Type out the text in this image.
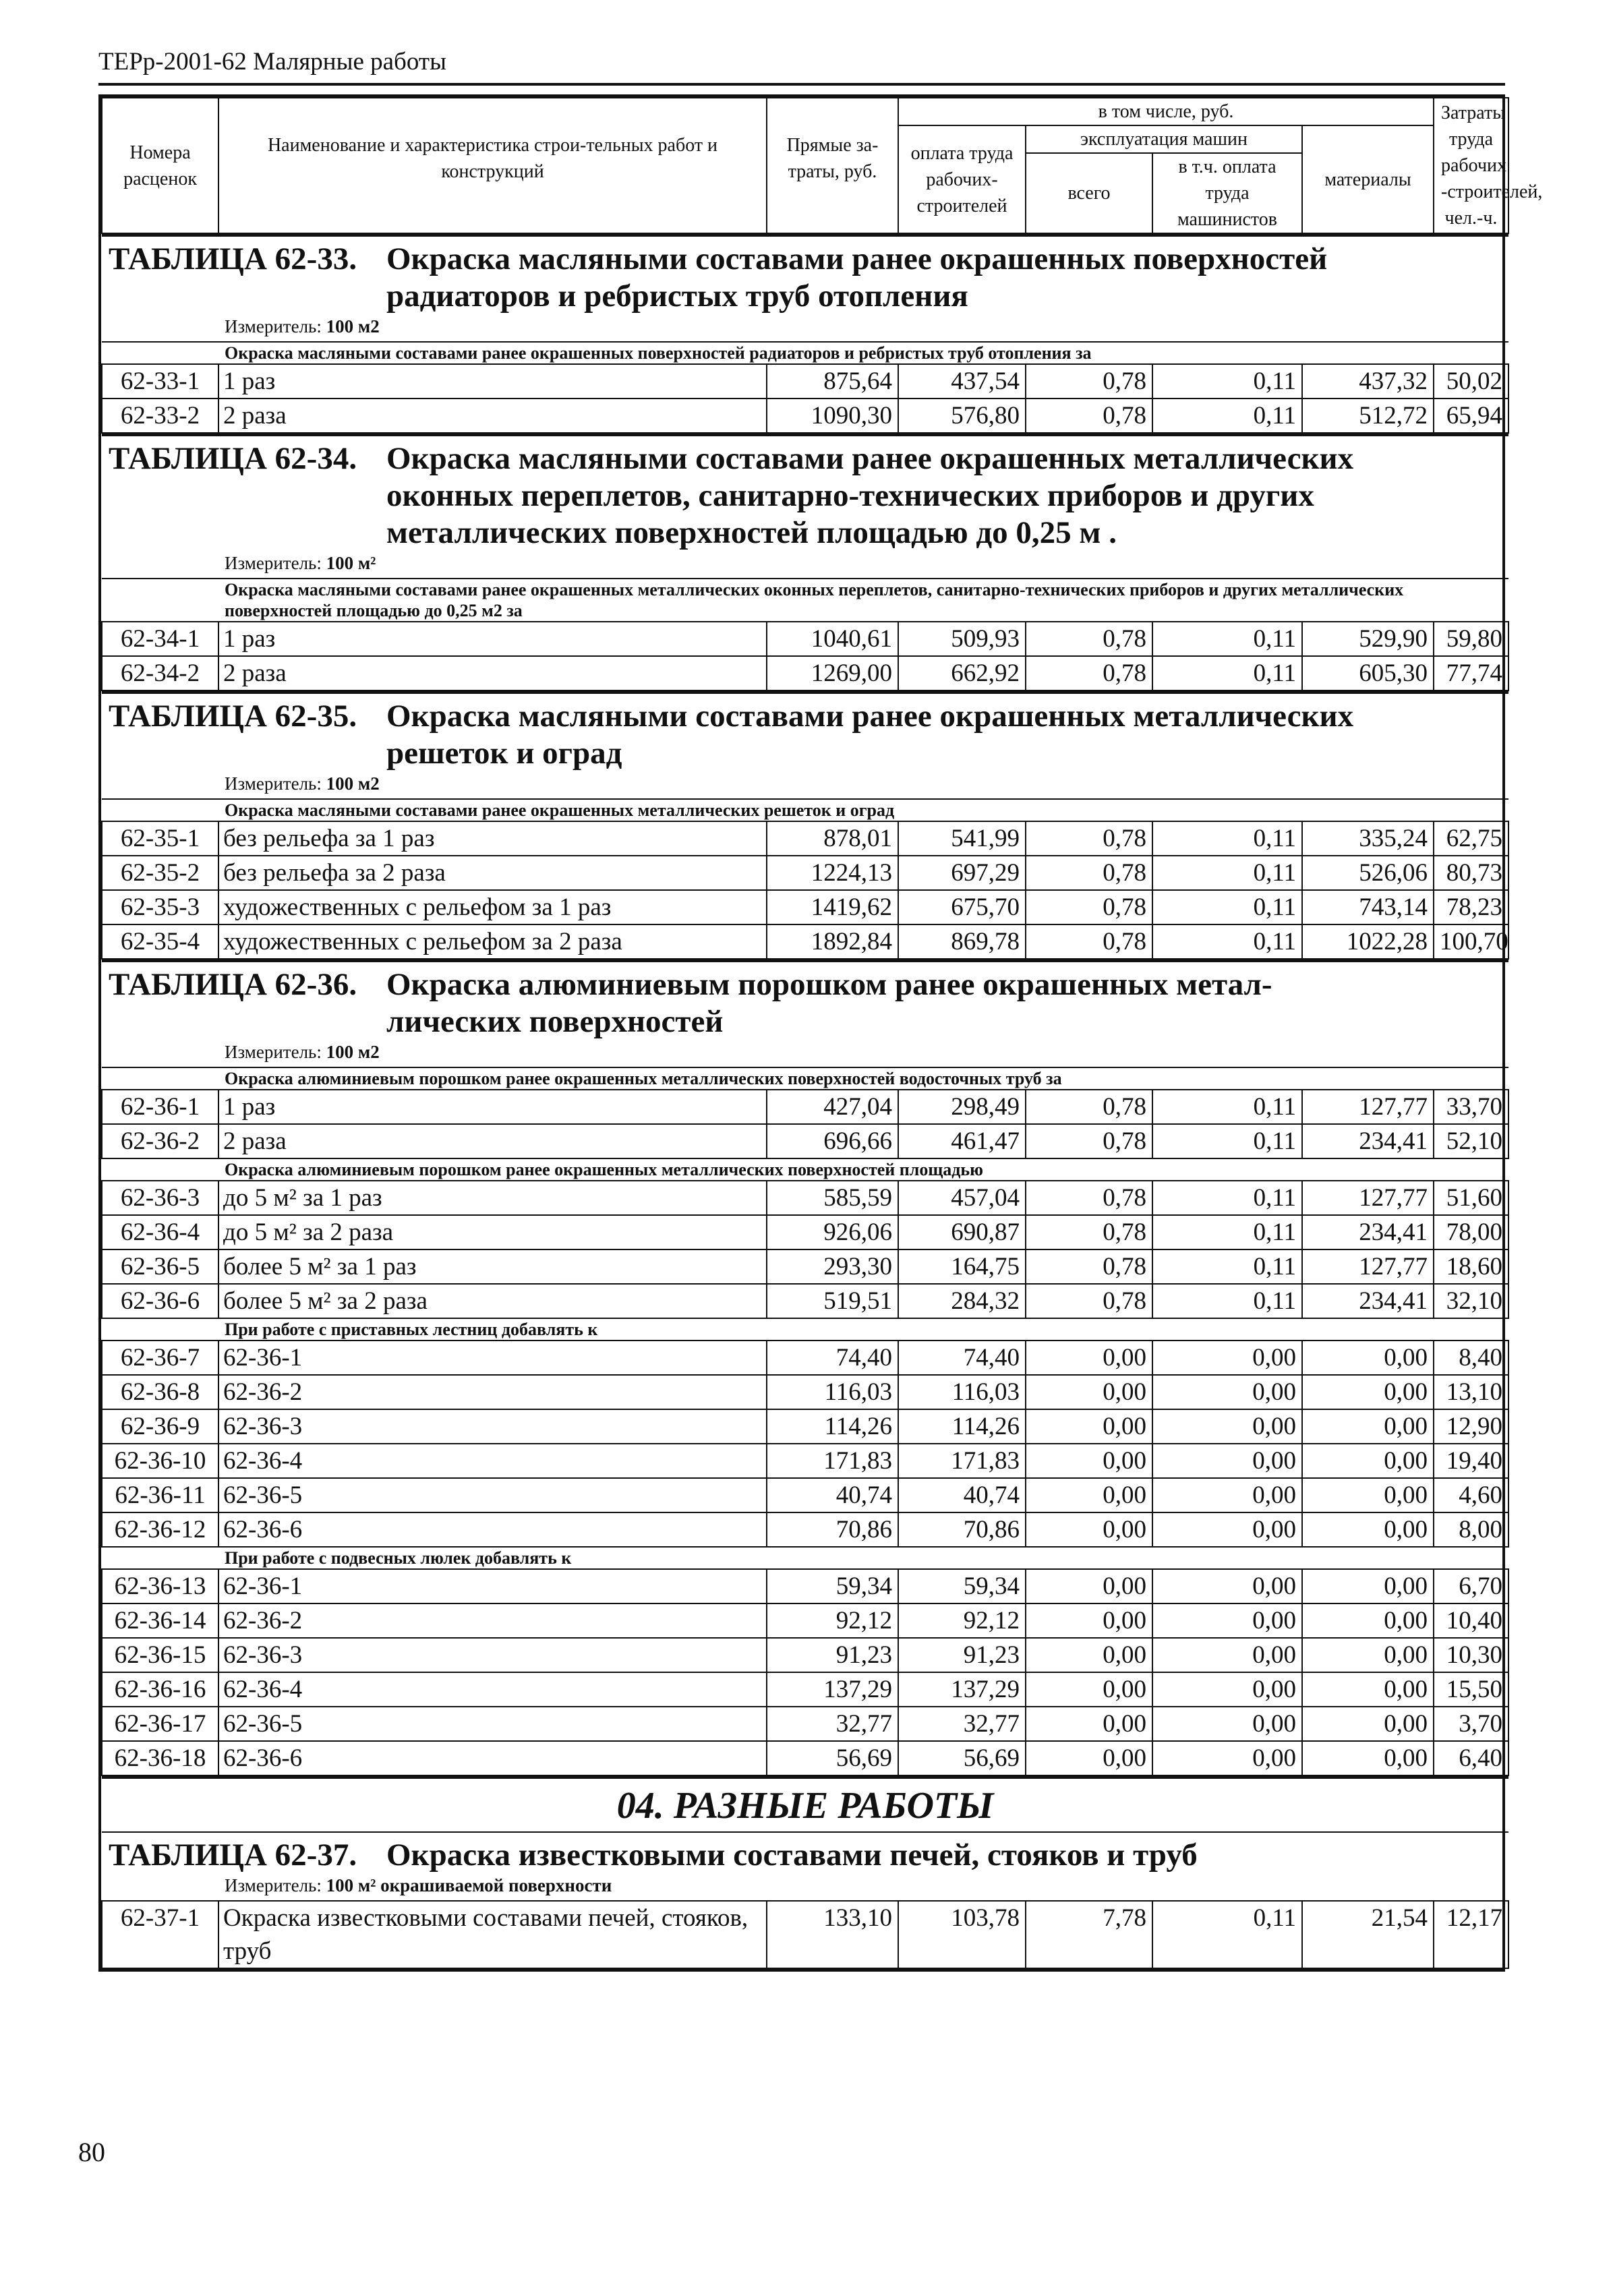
ТЕРр-2001-62 Малярные работы
Номера расценок	Наименование и характеристика строи-тельных работ и конструкций	Прямые за-траты, руб.	в том числе, руб.				Затраты труда рабочих -строителей, чел.-ч.
			оплата труда рабочих-строителей	эксплуатация машин		материалы	
				всего	в т.ч. оплата труда машинистов		

ТАБЛИЦА 62-33. Окраска масляными составами ранее окрашенных поверхностей
радиаторов и ребристых труб отопления							

Измеритель: 100 м2							

Окраска масляными составами ранее окрашенных поверхностей радиаторов и ребристых труб отопления за							

62-33-1	1 раз	875,64	437,54	0,78	0,11	437,32	50,02
62-33-2	2 раза	1090,30	576,80	0,78	0,11	512,72	65,94
ТАБЛИЦА 62-34. Окраска масляными составами ранее окрашенных металлических
оконных переплетов, санитарно-технических приборов и других
металлических поверхностей площадью до 0,25 м .							

Измеритель: 100 м²							

Окраска масляными составами ранее окрашенных металлических оконных переплетов, санитарно-технических приборов и других металлических поверхностей площадью до 0,25 м2 за							

62-34-1	1 раз	1040,61	509,93	0,78	0,11	529,90	59,80
62-34-2	2 раза	1269,00	662,92	0,78	0,11	605,30	77,74
ТАБЛИЦА 62-35. Окраска масляными составами ранее окрашенных металлических
решеток и оград							

Измеритель: 100 м2							

Окраска масляными составами ранее окрашенных металлических решеток и оград							

62-35-1	без рельефа за 1 раз	878,01	541,99	0,78	0,11	335,24	62,75
62-35-2	без рельефа за 2 раза	1224,13	697,29	0,78	0,11	526,06	80,73
62-35-3	художественных с рельефом за 1 раз	1419,62	675,70	0,78	0,11	743,14	78,23
62-35-4	художественных с рельефом за 2 раза	1892,84	869,78	0,78	0,11	1022,28	100,70
ТАБЛИЦА 62-36. Окраска алюминиевым порошком ранее окрашенных метал-
лических поверхностей							

Измеритель: 100 м2							

Окраска алюминиевым порошком ранее окрашенных металлических поверхностей водосточных труб за							

62-36-1	1 раз	427,04	298,49	0,78	0,11	127,77	33,70
62-36-2	2 раза	696,66	461,47	0,78	0,11	234,41	52,10

Окраска алюминиевым порошком ранее окрашенных металлических поверхностей площадью							

62-36-3	до 5 м² за 1 раз	585,59	457,04	0,78	0,11	127,77	51,60
62-36-4	до 5 м² за 2 раза	926,06	690,87	0,78	0,11	234,41	78,00
62-36-5	более 5 м² за 1 раз	293,30	164,75	0,78	0,11	127,77	18,60
62-36-6	более 5 м² за 2 раза	519,51	284,32	0,78	0,11	234,41	32,10

При работе с приставных лестниц добавлять к							

62-36-7	62-36-1	74,40	74,40	0,00	0,00	0,00	8,40
62-36-8	62-36-2	116,03	116,03	0,00	0,00	0,00	13,10
62-36-9	62-36-3	114,26	114,26	0,00	0,00	0,00	12,90
62-36-10	62-36-4	171,83	171,83	0,00	0,00	0,00	19,40
62-36-11	62-36-5	40,74	40,74	0,00	0,00	0,00	4,60
62-36-12	62-36-6	70,86	70,86	0,00	0,00	0,00	8,00

При работе с подвесных люлек добавлять к							

62-36-13	62-36-1	59,34	59,34	0,00	0,00	0,00	6,70
62-36-14	62-36-2	92,12	92,12	0,00	0,00	0,00	10,40
62-36-15	62-36-3	91,23	91,23	0,00	0,00	0,00	10,30
62-36-16	62-36-4	137,29	137,29	0,00	0,00	0,00	15,50
62-36-17	62-36-5	32,77	32,77	0,00	0,00	0,00	3,70
62-36-18	62-36-6	56,69	56,69	0,00	0,00	0,00	6,40
04. РАЗНЫЕ РАБОТЫ

ТАБЛИЦА 62-37. Окраска известковыми составами печей, стояков и труб

Измеритель: 100 м² окрашиваемой поверхности

62-37-1	Окраска известковыми составами печей, стояков, труб	133,10	103,78	7,78	0,11	21,54	12,17
80
